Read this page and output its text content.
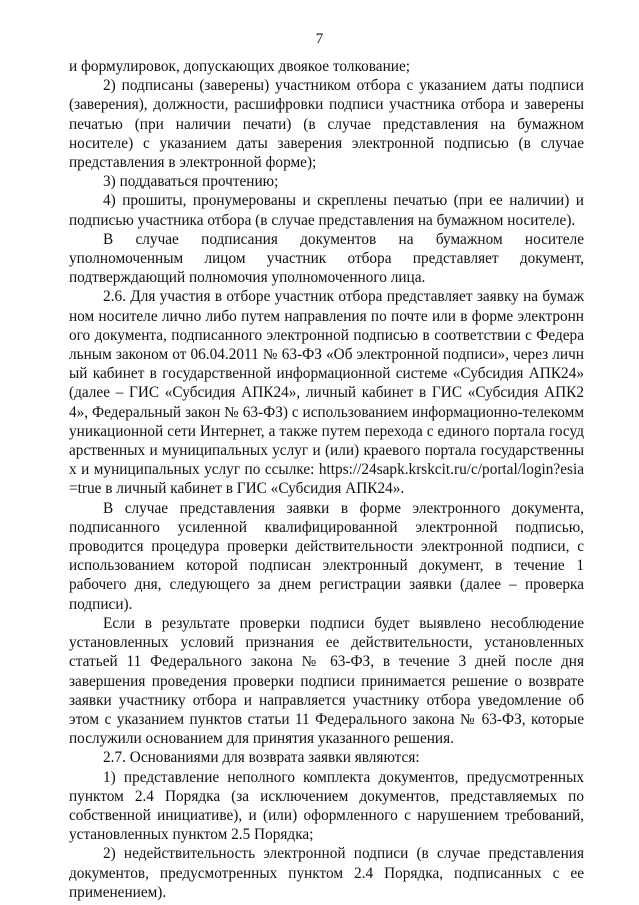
7

и формулировок, допускающих двоякое толкование;

2) подписаны (заверены) участником отбора с указанием даты подписи (заверения), должности, расшифровки подписи участника отбора и заверены печатью (при наличии печати) (в случае представления на бумажном носителе) с указанием даты заверения электронной подписью (в случае представления в электронной форме);

3) поддаваться прочтению;

4) прошиты, пронумерованы и скреплены печатью (при ее наличии) и подписью участника отбора (в случае представления на бумажном носителе).

В случае подписания документов на бумажном носителе уполномоченным лицом участник отбора представляет документ, подтверждающий полномочия уполномоченного лица.

2.6. Для участия в отборе участник отбора представляет заявку на бумажном носителе лично либо путем направления по почте или в форме электронного документа, подписанного электронной подписью в соответствии с Федеральным законом от 06.04.2011 № 63-ФЗ «Об электронной подписи», через личный кабинет в государственной информационной системе «Субсидия АПК24» (далее – ГИС «Субсидия АПК24», личный кабинет в ГИС «Субсидия АПК24», Федеральный закон № 63-ФЗ) с использованием информационно-телекоммуникационной сети Интернет, а также путем перехода с единого портала государственных и муниципальных услуг и (или) краевого портала государственных и муниципальных услуг по ссылке: https://24sapk.krskcit.ru/c/portal/login?esia=true в личный кабинет в ГИС «Субсидия АПК24».

В случае представления заявки в форме электронного документа, подписанного усиленной квалифицированной электронной подписью, проводится процедура проверки действительности электронной подписи, с использованием которой подписан электронный документ, в течение 1 рабочего дня, следующего за днем регистрации заявки (далее – проверка подписи).

Если в результате проверки подписи будет выявлено несоблюдение установленных условий признания ее действительности, установленных статьей 11 Федерального закона № 63-ФЗ, в течение 3 дней после дня завершения проведения проверки подписи принимается решение о возврате заявки участнику отбора и направляется участнику отбора уведомление об этом с указанием пунктов статьи 11 Федерального закона № 63-ФЗ, которые послужили основанием для принятия указанного решения.

2.7. Основаниями для возврата заявки являются:

1) представление неполного комплекта документов, предусмотренных пунктом 2.4 Порядка (за исключением документов, представляемых по собственной инициативе), и (или) оформленного с нарушением требований, установленных пунктом 2.5 Порядка;

2) недействительность электронной подписи (в случае представления документов, предусмотренных пунктом 2.4 Порядка, подписанных с ее применением).
